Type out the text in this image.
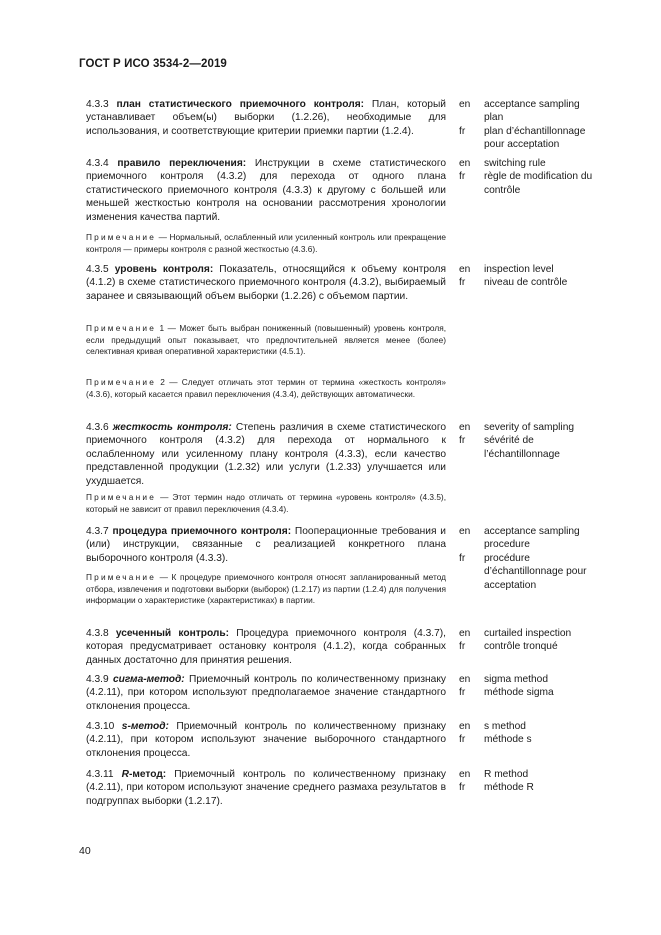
ГОСТ Р ИСО 3534-2—2019

4.3.3 план статистического приемочного контроля: План, который устанавливает объем(ы) выборки (1.2.26), необходимые для использования, и соответствующие критерии приемки партии (1.2.4).

en acceptance sampling
plan
fr plan d’échantillonnage
pour acceptation

4.3.4 правило переключения: Инструкции в схеме статистического приемочного контроля (4.3.2) для перехода от одного плана статистического приемочного контроля (4.3.3) к другому с большей или меньшей жесткостью контроля на основании рассмотрения хронологии изменения качества партий.

en switching rule
fr règle de modification du
contrôle

Примечание — Нормальный, ослабленный или усиленный контроль или прекращение контроля — примеры контроля с разной жесткостью (4.3.6).

4.3.5 уровень контроля: Показатель, относящийся к объему контроля (4.1.2) в схеме статистического приемочного контроля (4.3.2), выбираемый заранее и связывающий объем выборки (1.2.26) с объемом партии.

en inspection level
fr niveau de contrôle

Примечание 1 — Может быть выбран пониженный (повышенный) уровень контроля, если предыдущий опыт показывает, что предпочтительней является менее (более) селективная кривая оперативной характеристики (4.5.1).

Примечание 2 — Следует отличать этот термин от термина «жесткость контроля» (4.3.6), который касается правил переключения (4.3.4), действующих автоматически.

4.3.6 жесткость контроля: Степень различия в схеме статистического приемочного контроля (4.3.2) для перехода от нормального к ослабленному или усиленному плану контроля (4.3.3), если качество представленной продукции (1.2.32) или услуги (1.2.33) улучшается или ухудшается.

en severity of sampling
fr sévérité de
l’échantillonnage

Примечание — Этот термин надо отличать от термина «уровень контроля» (4.3.5), который не зависит от правил переключения (4.3.4).

4.3.7 процедура приемочного контроля: Пооперационные требования и (или) инструкции, связанные с реализацией конкретного плана выборочного контроля (4.3.3).

en acceptance sampling
procedure
fr procédure
d’échantillonnage pour
acceptation

Примечание — К процедуре приемочного контроля относят запланированный метод отбора, извлечения и подготовки выборки (выборок) (1.2.17) из партии (1.2.4) для получения информации о характеристике (характеристиках) в партии.

4.3.8 усеченный контроль: Процедура приемочного контроля (4.3.7), которая предусматривает остановку контроля (4.1.2), когда собранных данных достаточно для принятия решения.

en curtailed inspection
fr contrôle tronqué

4.3.9 сигма-метод: Приемочный контроль по количественному признаку (4.2.11), при котором используют предполагаемое значение стандартного отклонения процесса.

en sigma method
fr méthode sigma

4.3.10 s-метод: Приемочный контроль по количественному признаку (4.2.11), при котором используют значение выборочного стандартного отклонения процесса.

en s method
fr méthode s

4.3.11 R-метод: Приемочный контроль по количественному признаку (4.2.11), при котором используют значение среднего размаха результатов в подгруппах выборки (1.2.17).

en R method
fr méthode R
40
